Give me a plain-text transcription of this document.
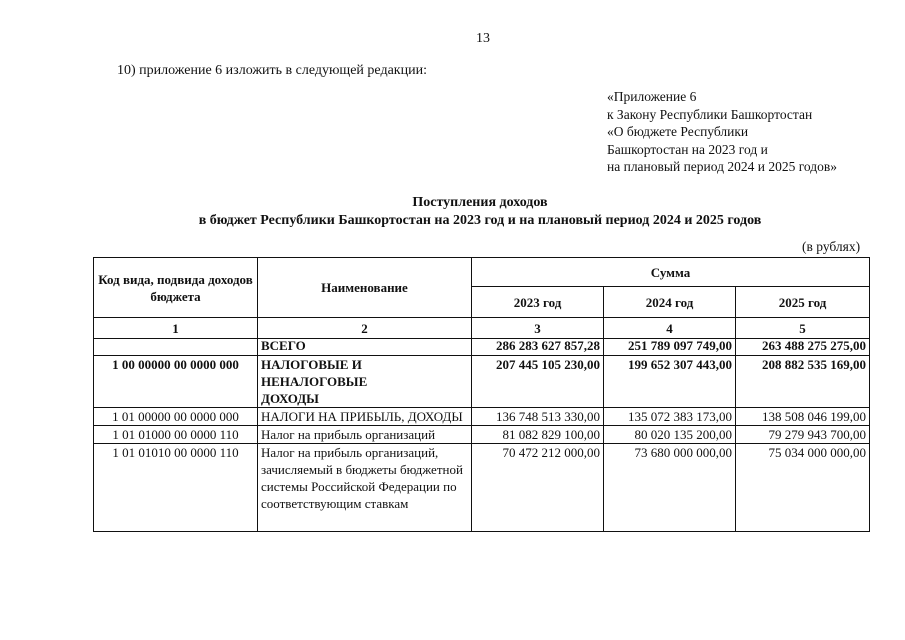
13
10) приложение 6 изложить в следующей редакции:
«Приложение 6
к Закону Республики Башкортостан
«О бюджете Республики
Башкортостан на 2023 год и
на плановый период 2024 и 2025 годов»
Поступления доходов
в бюджет Республики Башкортостан на 2023 год и на плановый период 2024 и 2025 годов
(в рублях)
Код вида, подвида доходов бюджета	Наименование	Сумма		
		2023 год	2024 год	2025 год
1	2	3	4	5
	ВСЕГО	286 283 627 857,28	251 789 097 749,00	263 488 275 275,00
1 00 00000 00 0000 000	НАЛОГОВЫЕ И НЕНАЛОГОВЫЕ ДОХОДЫ	207 445 105 230,00	199 652 307 443,00	208 882 535 169,00
1 01 00000 00 0000 000	НАЛОГИ НА ПРИБЫЛЬ, ДОХОДЫ	136 748 513 330,00	135 072 383 173,00	138 508 046 199,00
1 01 01000 00 0000 110	Налог на прибыль организаций	81 082 829 100,00	80 020 135 200,00	79 279 943 700,00
1 01 01010 00 0000 110	Налог на прибыль организаций, зачисляемый в бюджеты бюджетной системы Российской Федерации по соответствующим ставкам	70 472 212 000,00	73 680 000 000,00	75 034 000 000,00
